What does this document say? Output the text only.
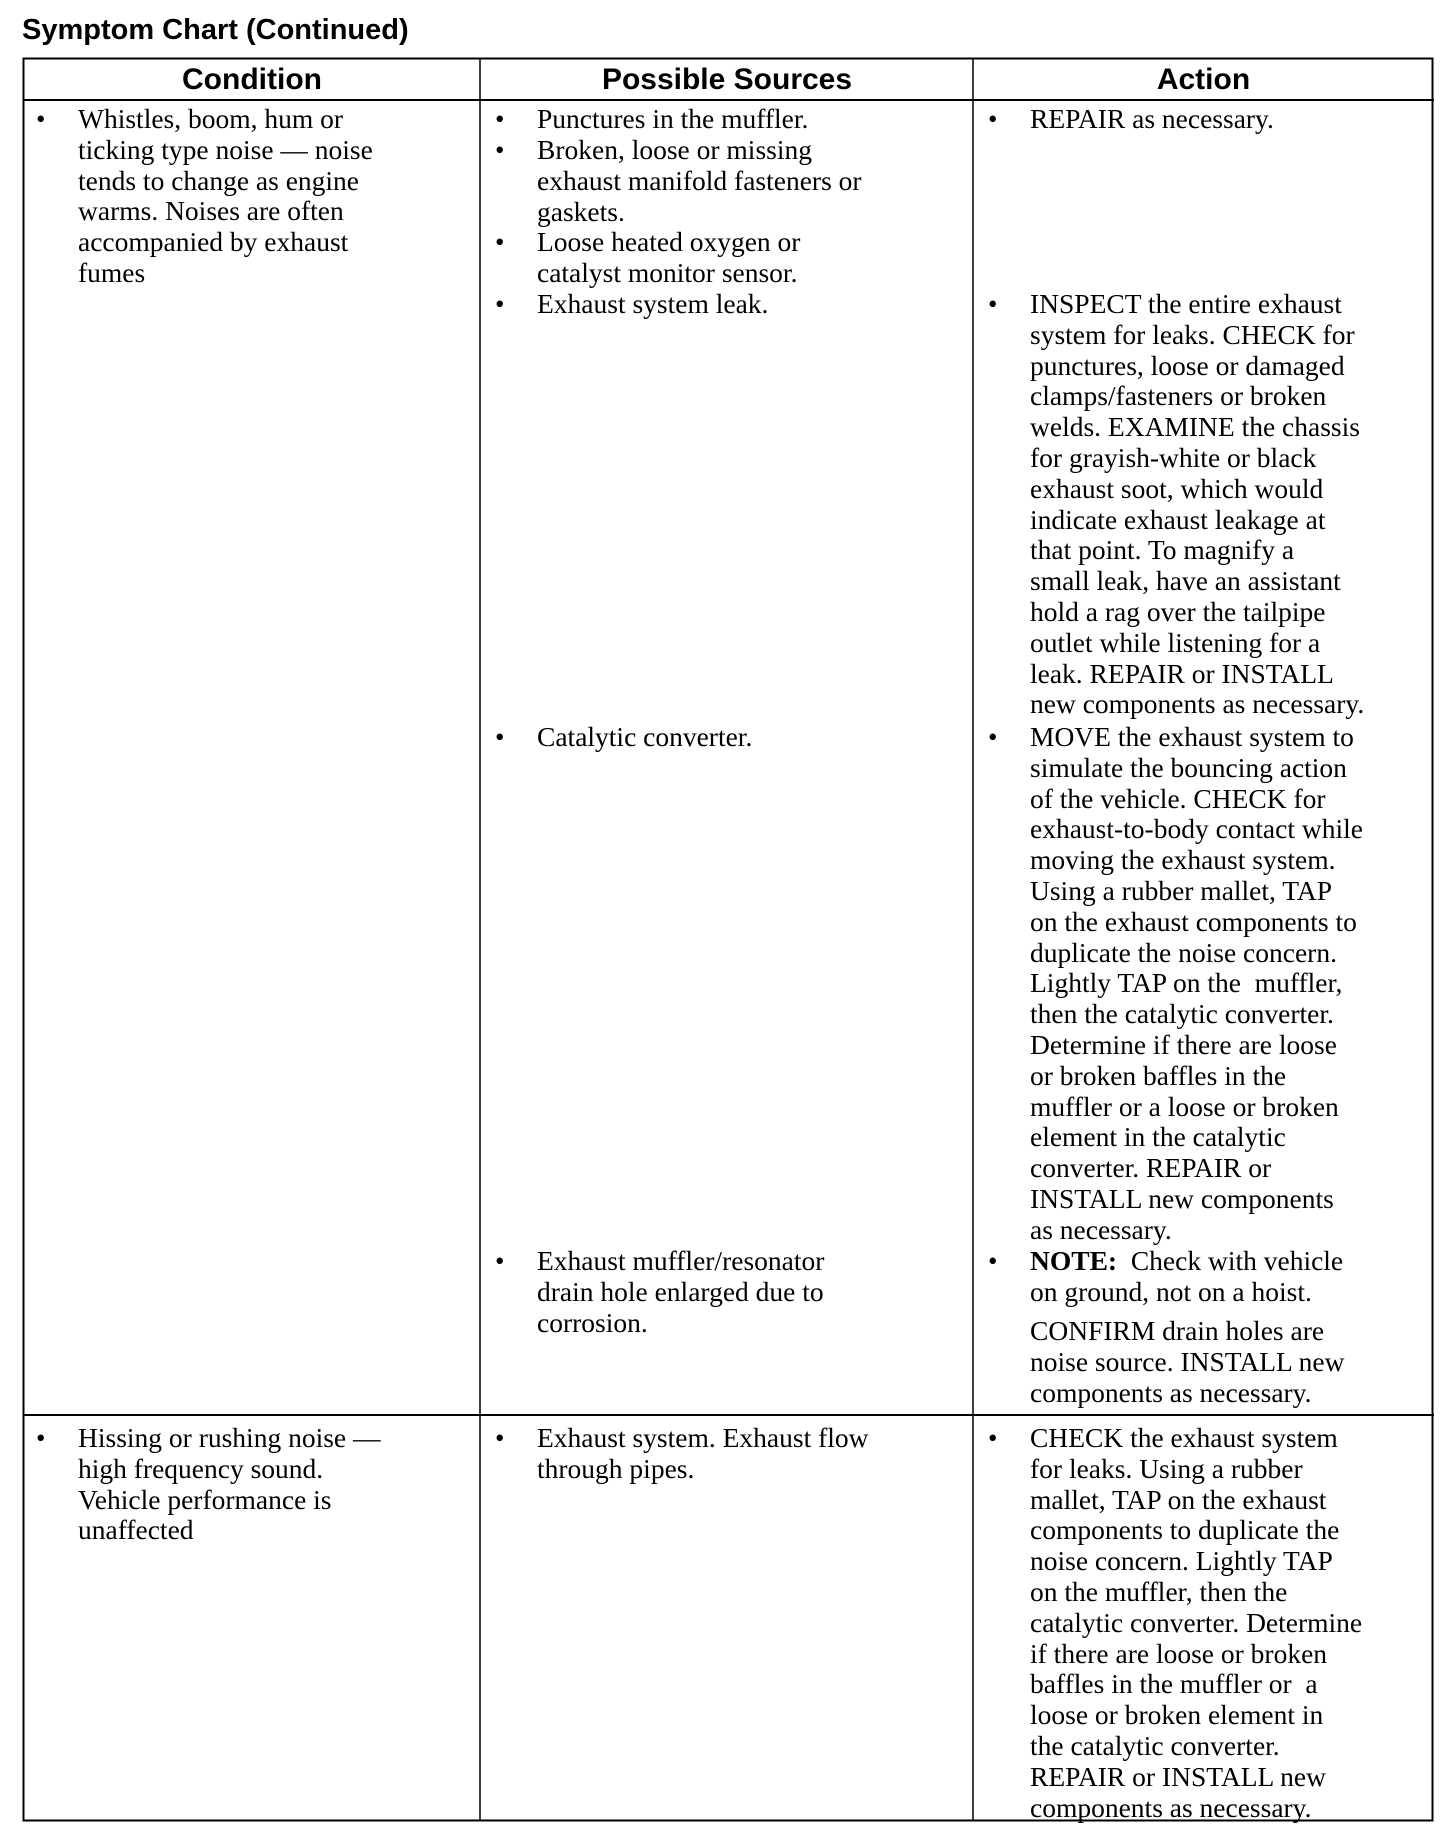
Symptom Chart (Continued)
Condition	Possible Sources	Action
• Whistles, boom, hum or
ticking type noise — noise
tends to change as engine
warms. Noises are often
accompanied by exhaust
fumes
• Punctures in the muffler.
• Broken, loose or missing
exhaust manifold fasteners or
gaskets.
• Loose heated oxygen or
catalyst monitor sensor.
• Exhaust system leak.
• Catalytic converter.
• Exhaust muffler/resonator
drain hole enlarged due to
corrosion.
• REPAIR as necessary.
• INSPECT the entire exhaust
system for leaks. CHECK for
punctures, loose or damaged
clamps/fasteners or broken
welds. EXAMINE the chassis
for grayish-white or black
exhaust soot, which would
indicate exhaust leakage at
that point. To magnify a
small leak, have an assistant
hold a rag over the tailpipe
outlet while listening for a
leak. REPAIR or INSTALL
new components as necessary.
• MOVE the exhaust system to
simulate the bouncing action
of the vehicle. CHECK for
exhaust-to-body contact while
moving the exhaust system.
Using a rubber mallet, TAP
on the exhaust components to
duplicate the noise concern.
Lightly TAP on the  muffler,
then the catalytic converter.
Determine if there are loose
or broken baffles in the
muffler or a loose or broken
element in the catalytic
converter. REPAIR or
INSTALL new components
as necessary.
• NOTE:  Check with vehicle
on ground, not on a hoist.
CONFIRM drain holes are
noise source. INSTALL new
components as necessary.
• Hissing or rushing noise —
high frequency sound.
Vehicle performance is
unaffected
• Exhaust system. Exhaust flow
through pipes.
• CHECK the exhaust system
for leaks. Using a rubber
mallet, TAP on the exhaust
components to duplicate the
noise concern. Lightly TAP
on the muffler, then the
catalytic converter. Determine
if there are loose or broken
baffles in the muffler or  a
loose or broken element in
the catalytic converter.
REPAIR or INSTALL new
components as necessary.
